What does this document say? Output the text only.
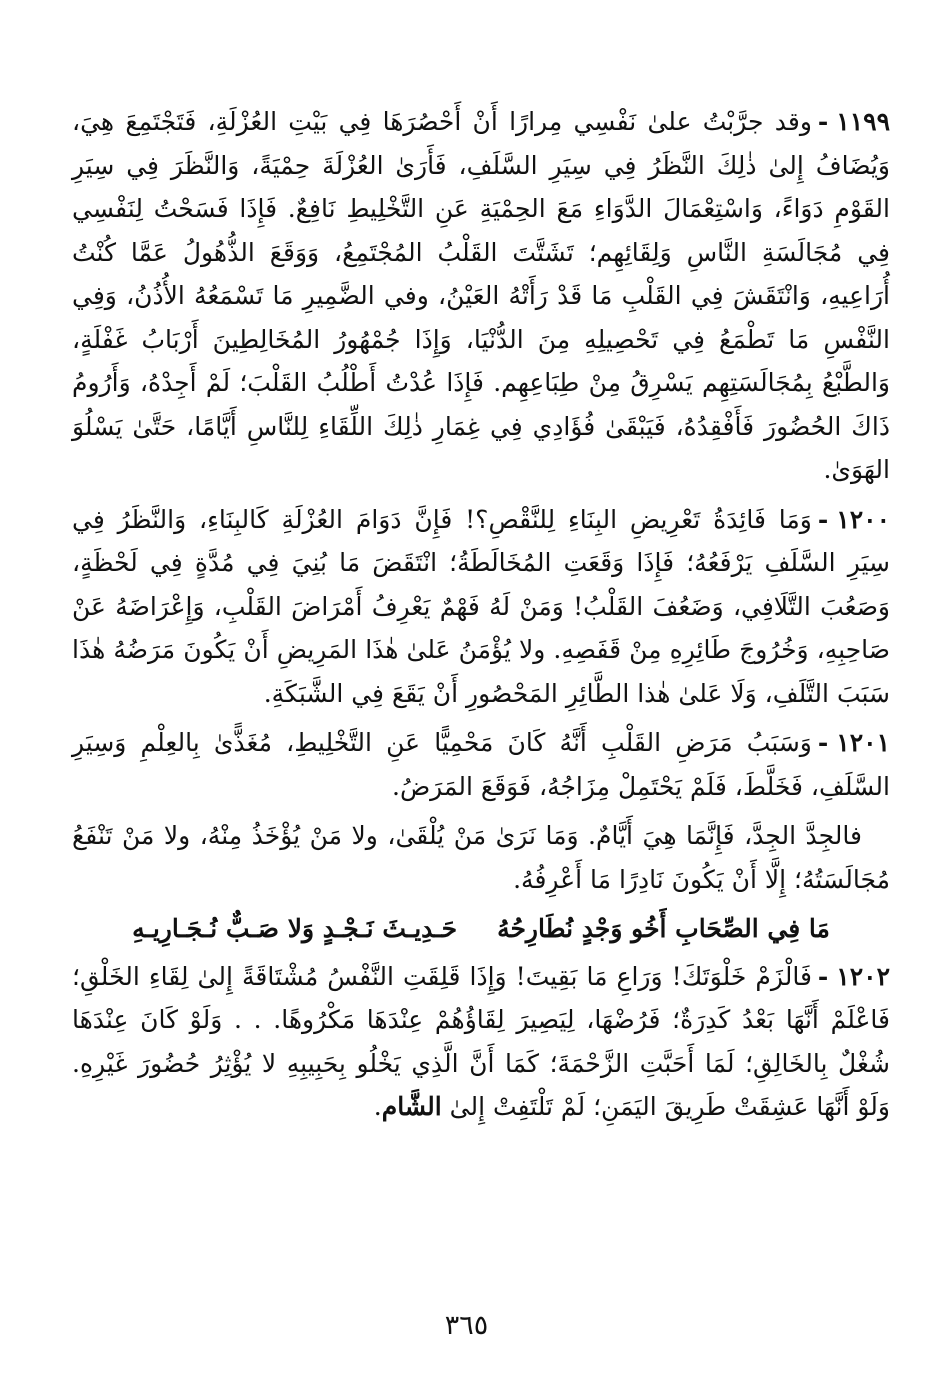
١١٩٩-وقد جرَّبْتُ علىٰ نَفْسِي مِرارًا أَنْ أَحْصُرَهَا فِي بَيْتِ العُزْلَةِ، فَتَجْتَمِعَ هِيَ، وَيُضَافُ إِلىٰ ذٰلِكَ النَّظَرُ فِي سِيَرِ السَّلَفِ، فَأَرَىٰ العُزْلَةَ حِمْيَةً، وَالنَّظَرَ فِي سِيَرِ القَوْمِ دَوَاءً، وَاسْتِعْمَالَ الدَّوَاءِ مَعَ الحِمْيَةِ عَنِ التَّخْلِيطِ نَافِعٌ. فَإِذَا فَسَحْتُ لِنَفْسِي فِي مُجَالَسَةِ النَّاسِ وَلِقَائِهِم؛ تَشَتَّتَ القَلْبُ المُجْتَمِعُ، وَوَقَعَ الذُّهُولُ عَمَّا كُنْتُ أُرَاعِيهِ، وَانْتَقَشَ فِي القَلْبِ مَا قَدْ رَأَتْهُ العَيْنُ، وفي الضَّمِيرِ مَا تَسْمَعُهُ الأُذُنُ، وَفِي النَّفْسِ مَا تَطْمَعُ فِي تَحْصِيلِهِ مِنَ الدُّنْيَا، وَإِذَا جُمْهُورُ المُخَالِطِينَ أَرْبَابُ غَفْلَةٍ، وَالطَّبْعُ بِمُجَالَسَتِهِم يَسْرِقُ مِنْ طِبَاعِهِم. فَإِذَا عُدْتُ أَطْلُبُ القَلْبَ؛ لَمْ أَجِدْهُ، وَأَرُومُ ذَاكَ الحُضُورَ فَأَفْقِدُهُ، فَيَبْقَىٰ فُؤَادِي فِي غِمَارِ ذٰلِكَ اللِّقَاءِ لِلنَّاسِ أَيَّامًا، حَتَّىٰ يَسْلُوَ الهَوَىٰ.

١٢٠٠-وَمَا فَائِدَةُ تَعْرِيضِ البِنَاءِ لِلنَّقْصِ؟! فَإِنَّ دَوَامَ العُزْلَةِ كَالبِنَاءِ، وَالنَّظَرُ فِي سِيَرِ السَّلَفِ يَرْفَعُهُ؛ فَإِذَا وَقَعَتِ المُخَالَطَةُ؛ انْتَقَضَ مَا بُنِيَ فِي مُدَّةٍ فِي لَحْظَةٍ، وَصَعُبَ التَّلَافِي، وَضَعُفَ القَلْبُ! وَمَنْ لَهُ فَهْمٌ يَعْرِفُ أَمْرَاضَ القَلْبِ، وَإِعْرَاضَهُ عَنْ صَاحِبِهِ، وَخُرُوجَ طَائِرِهِ مِنْ قَفَصِهِ. ولا يُؤْمَنُ عَلىٰ هٰذَا المَرِيضِ أَنْ يَكُونَ مَرَضُهُ هٰذَا سَبَبَ التَّلَفِ، وَلَا عَلىٰ هٰذا الطَّائِرِ المَحْصُورِ أَنْ يَقَعَ فِي الشَّبَكَةِ.

١٢٠١-وَسَبَبُ مَرَضِ القَلْبِ أَنَّهُ كَانَ مَحْمِيًّا عَنِ التَّخْلِيطِ، مُغَذًّىٰ بِالعِلْمِ وَسِيَرِ السَّلَفِ، فَخَلَّطَ، فَلَمْ يَحْتَمِلْ مِزَاجُهُ، فَوَقَعَ المَرَضُ.

فالجِدَّ الجِدَّ، فَإِنَّمَا هِيَ أَيَّامٌ. وَمَا نَرَىٰ مَنْ يُلْقَىٰ، ولا مَنْ يُؤْخَذُ مِنْهُ، ولا مَنْ تَنْفَعُ مُجَالَسَتُهُ؛ إِلَّا أَنْ يَكُونَ نَادِرًا مَا أَعْرِفُهُ.

مَا فِي الصِّحَابِ أَخُو وَجْدٍ نُطَارِحُهُ
حَـدِيـثَ نَـجْـدٍ وَلا صَـبٌّ نُـجَـارِيـهِ

١٢٠٢-فَالْزَمْ خَلْوَتَكَ! وَرَاعِ مَا بَقِيتَ! وَإِذَا قَلِقَتِ النَّفْسُ مُشْتَاقَةً إِلىٰ لِقَاءِ الخَلْقِ؛ فَاعْلَمْ أَنَّهَا بَعْدُ كَدِرَةٌ؛ فَرُضْهَا، لِيَصِيرَ لِقَاؤُهُمْ عِنْدَهَا مَكْرُوهًا. . . وَلَوْ كَانَ عِنْدَهَا شُغْلٌ بِالخَالِقِ؛ لَمَا أَحَبَّتِ الزَّحْمَةَ؛ كَمَا أَنَّ الَّذِي يَخْلُو بِحَبِيبِهِ لا يُؤْثِرُ حُضُورَ غَيْرِهِ. وَلَوْ أَنَّهَا عَشِقَتْ طَرِيقَ اليَمَنِ؛ لَمْ تَلْتَفِتْ إِلىٰ الشَّام.

٣٦٥
